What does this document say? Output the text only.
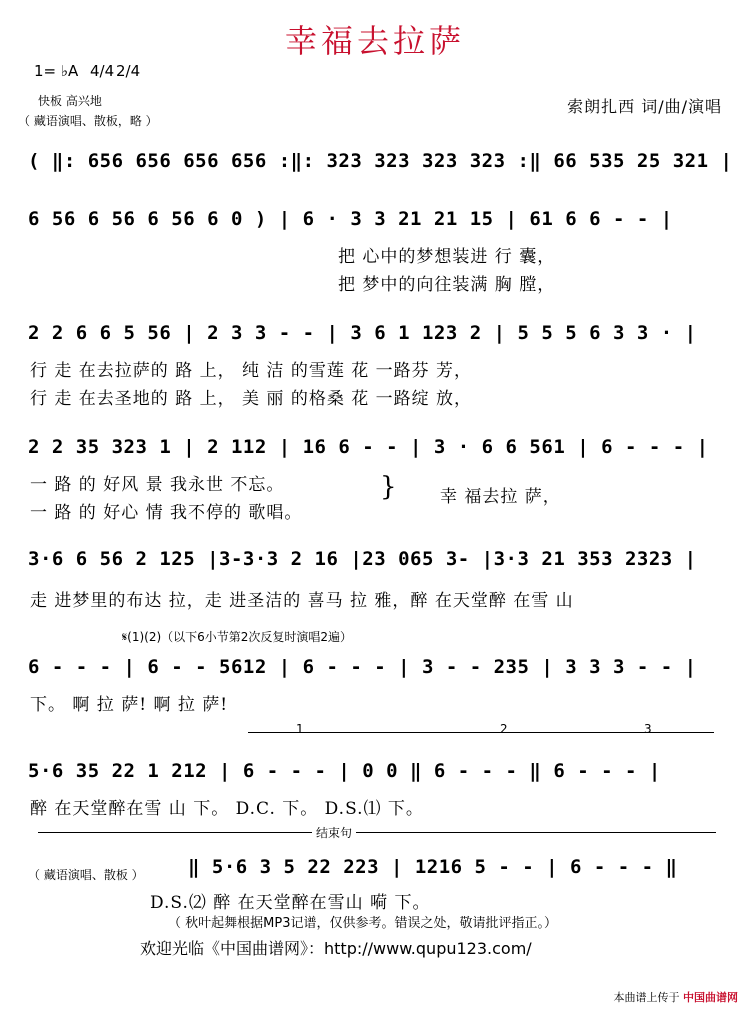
幸福去拉萨
1= ♭A 4/4 2/4
快板 高兴地
（ 藏语演唱、散板，略 ）
索朗扎西 词/曲/演唱
( ‖: 656 656 656 656 :‖: 323 323 323 323 :‖ 66 535 25 321 |
6 56 6 56 6 56 6 0 ) | 6 · 3 3 21 21 15 | 61 6 6 - - |
把 心中的梦想装进 行 囊，
把 梦中的向往装满 胸 膛，
2 2 6 6 5 56 | 2 3 3 - - | 3 6 1 123 2 | 5 5 5 6 3 3 · |
行 走 在去拉萨的 路 上， 纯 洁 的雪莲 花 一路芬 芳，
行 走 在去圣地的 路 上， 美 丽 的格桑 花 一路绽 放，
2 2 35 323 1 | 2 112 | 16 6 - - | 3 · 6 6 561 | 6 - - - |
一 路 的 好风 景 我永世 不忘。
一 路 的 好心 情 我不停的 歌唱。
} 幸 福去拉 萨，
3·6 6 56 2 125 |3-3·3 2 16 |23 065 3- |3·3 21 353 2323 |
走 进梦里的布达 拉，走 进圣洁的 喜马 拉 雅，醉 在天堂醉 在雪 山
𝄋(1)(2)（以下6小节第2次反复时演唱2遍）
6 - - - | 6 - - 5612 | 6 - - - | 3 - - 235 | 3 3 3 - - |
下。 啊 拉 萨! 啊 拉 萨!
1	2	3
5·6 35 22 1 212 | 6 - - - | 0 0 ‖ 6 - - - ‖ 6 - - - |
醉 在天堂醉在雪 山 下。 D.C. 下。 D.S.⑴ 下。
结束句
（ 藏语演唱、散板 ） ‖ 5·6 3 5 22 223 | 1216 5 - - | 6 - - - ‖
D.S.⑵ 醉 在天堂醉在雪山 嗬 下。
（ 秋叶起舞根据MP3记谱，仅供参考。错误之处，敬请批评指正。）
欢迎光临《中国曲谱网》：http://www.qupu123.com/
本曲谱上传于 中国曲谱网
